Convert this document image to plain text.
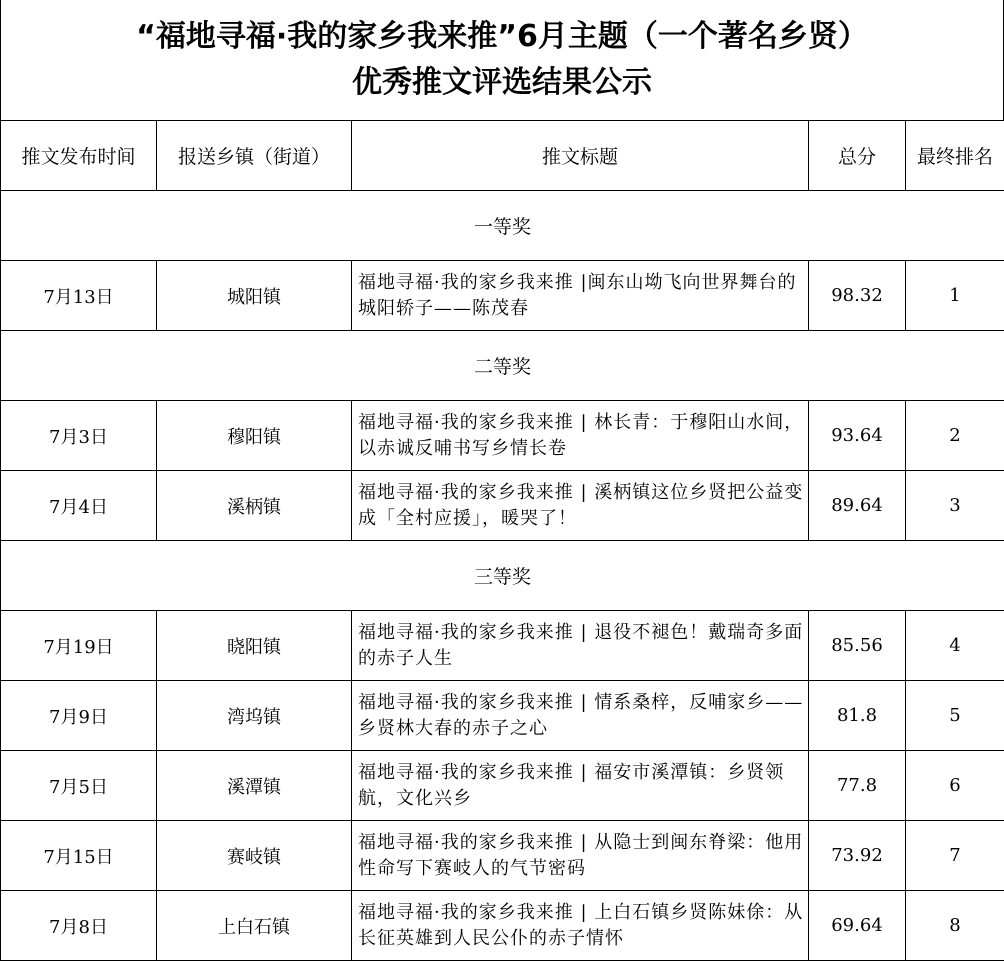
“福地寻福·我的家乡我来推”6月主题（一个著名乡贤）
优秀推文评选结果公示
推文发布时间	报送乡镇（街道）	推文标题	总分	最终排名
一等奖				
7月13日	城阳镇	福地寻福·我的家乡我来推 |闽东山坳飞向世界舞台的城阳轿子——陈茂春	98.32	1
二等奖				
7月3日	穆阳镇	福地寻福·我的家乡我来推 | 林长青：于穆阳山水间，以赤诚反哺书写乡情长卷	93.64	2
7月4日	溪柄镇	福地寻福·我的家乡我来推 | 溪柄镇这位乡贤把公益变成「全村应援」，暖哭了！	89.64	3
三等奖				
7月19日	晓阳镇	福地寻福·我的家乡我来推 | 退役不褪色！戴瑞奇多面的赤子人生	85.56	4
7月9日	湾坞镇	福地寻福·我的家乡我来推 | 情系桑梓，反哺家乡——乡贤林大春的赤子之心	81.8	5
7月5日	溪潭镇	福地寻福·我的家乡我来推 | 福安市溪潭镇：乡贤领航，文化兴乡	77.8	6
7月15日	赛岐镇	福地寻福·我的家乡我来推 | 从隐士到闽东脊梁：他用性命写下赛岐人的气节密码	73.92	7
7月8日	上白石镇	福地寻福·我的家乡我来推 | 上白石镇乡贤陈妹俆：从长征英雄到人民公仆的赤子情怀	69.64	8
